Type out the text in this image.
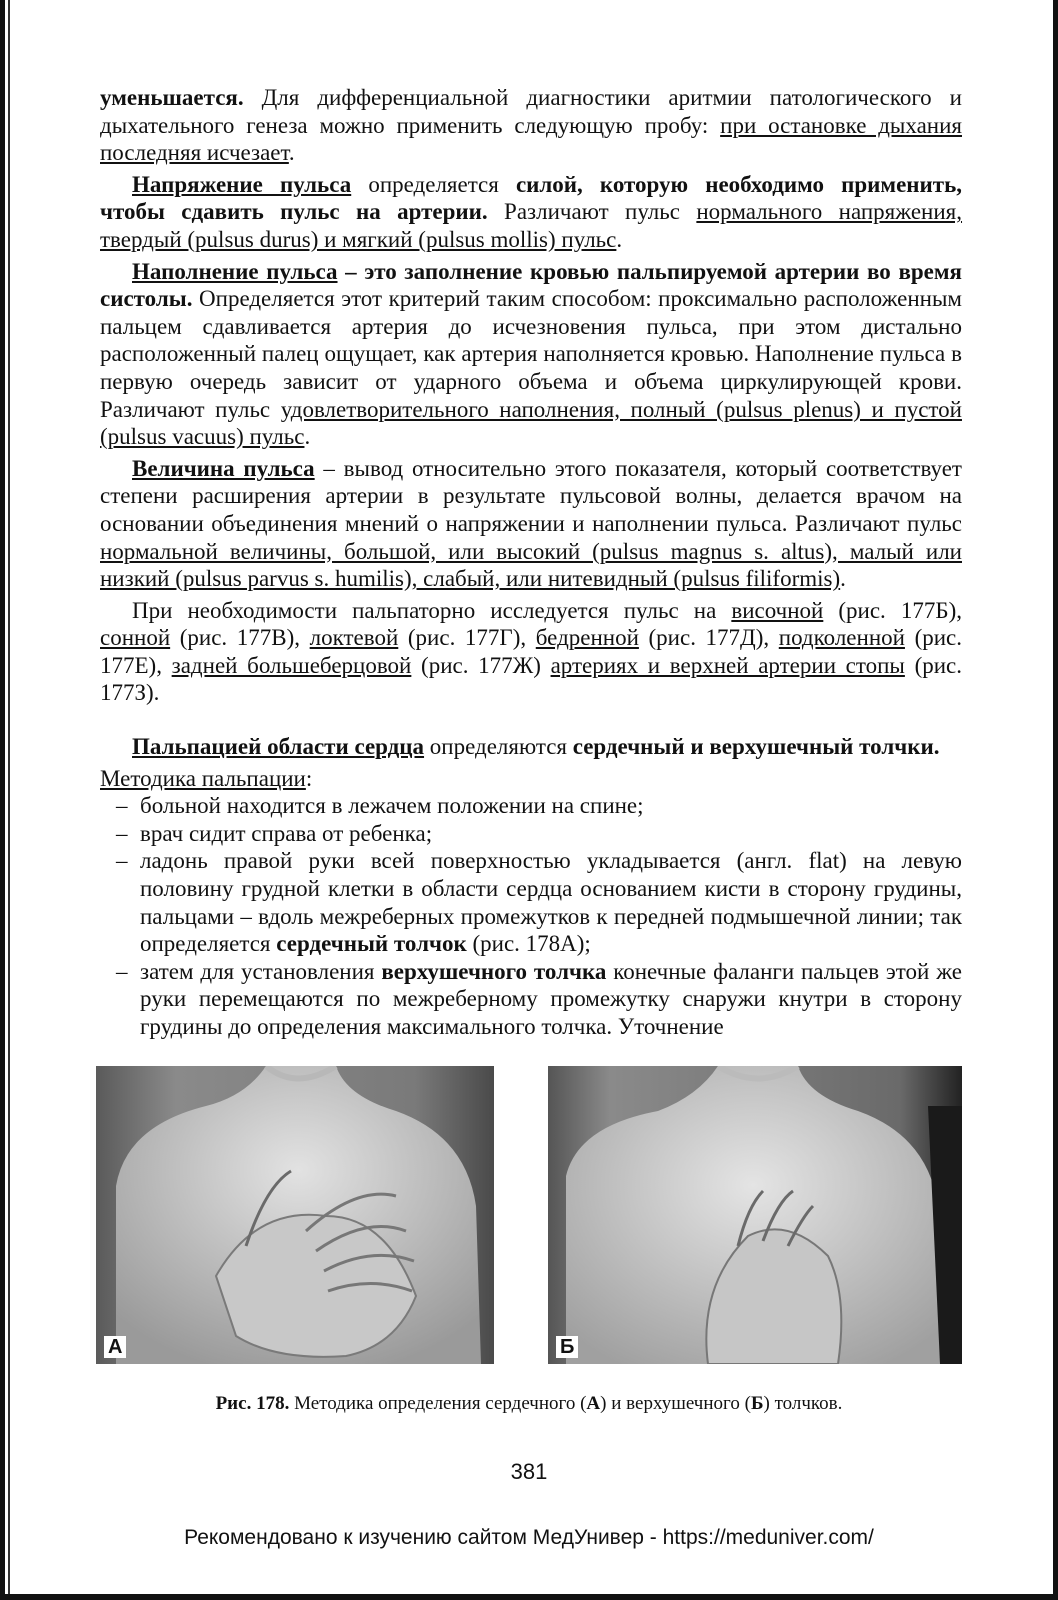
уменьшается. Для дифференциальной диагностики аритмии патологического и дыхательного генеза можно применить следующую пробу: при остановке дыхания последняя исчезает.

Напряжение пульса определяется силой, которую необходимо применить, чтобы сдавить пульс на артерии. Различают пульс нормального напряжения, твердый (pulsus durus) и мягкий (pulsus mollis) пульс.

Наполнение пульса – это заполнение кровью пальпируемой артерии во время систолы. Определяется этот критерий таким способом: проксимально расположенным пальцем сдавливается артерия до исчезновения пульса, при этом дистально расположенный палец ощущает, как артерия наполняется кровью. Наполнение пульса в первую очередь зависит от ударного объема и объема циркулирующей крови. Различают пульс удовлетворительного наполнения, полный (pulsus plenus) и пустой (pulsus vacuus) пульс.

Величина пульса – вывод относительно этого показателя, который соответствует степени расширения артерии в результате пульсовой волны, делается врачом на основании объединения мнений о напряжении и наполнении пульса. Различают пульс нормальной величины, большой, или высокий (pulsus magnus s. altus), малый или низкий (pulsus parvus s. humilis), слабый, или нитевидный (pulsus filiformis).

При необходимости пальпаторно исследуется пульс на височной (рис. 177Б), сонной (рис. 177В), локтевой (рис. 177Г), бедренной (рис. 177Д), подколенной (рис. 177Е), задней большеберцовой (рис. 177Ж) артериях и верхней артерии стопы (рис. 177З).

Пальпацией области сердца определяются сердечный и верхушечный толчки.

Методика пальпации:

– больной находится в лежачем положении на спине;
– врач сидит справа от ребенка;
– ладонь правой руки всей поверхностью укладывается (англ. flat) на левую половину грудной клетки в области сердца основанием кисти в сторону грудины, пальцами – вдоль межреберных промежутков к передней подмышечной линии; так определяется сердечный толчок (рис. 178А);
– затем для установления верхушечного толчка конечные фаланги пальцев этой же руки перемещаются по межреберному промежутку снаружи кнутри в сторону грудины до определения максимального толчка. Уточнение
А	Б
Рис. 178. Методика определения сердечного (А) и верхушечного (Б) толчков.
381
Рекомендовано к изучению сайтом МедУнивер - https://meduniver.com/
